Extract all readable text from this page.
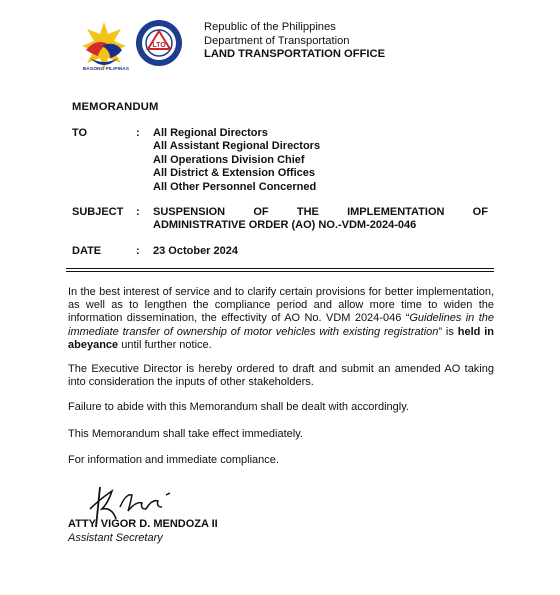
BAGONG PILIPINAS
LTO
Republic of the Philippines
Department of Transportation
LAND TRANSPORTATION OFFICE
MEMORANDUM
TO	: All Regional Directors
All Assistant Regional Directors
All Operations Division Chief
All District & Extension Offices
All Other Personnel Concerned
SUBJECT : SUSPENSION	OF	THE	IMPLEMENTATION	OF
ADMINISTRATIVE ORDER (AO) NO.-VDM-2024-046
DATE	: 23 October 2024
In the best interest of service and to clarify certain provisions for better implementation, as well as to lengthen the compliance period and allow more time to widen the information dissemination, the effectivity of AO No. VDM 2024-046 “Guidelines in the immediate transfer of ownership of motor vehicles with existing registration” is held in abeyance until further notice.
The Executive Director is hereby ordered to draft and submit an amended AO taking into consideration the inputs of other stakeholders.
Failure to abide with this Memorandum shall be dealt with accordingly.
This Memorandum shall take effect immediately.
For information and immediate compliance.
ATTY. VIGOR D. MENDOZA II
Assistant Secretary
